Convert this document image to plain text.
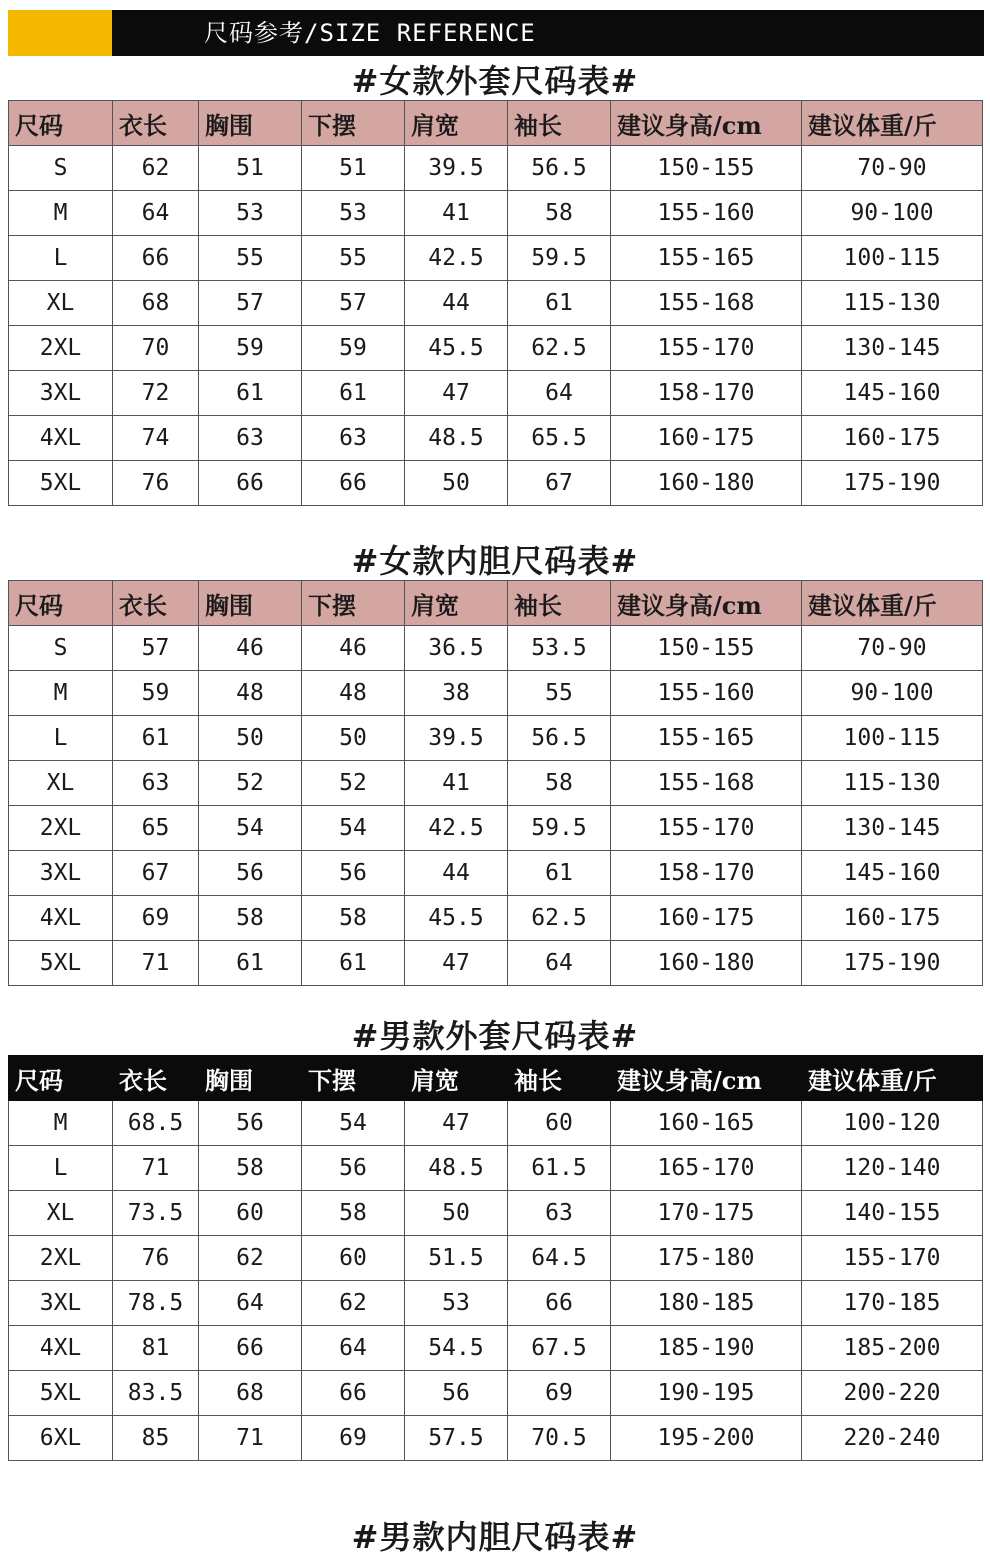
尺码参考/SIZE REFERENCE
#女款外套尺码表#
尺码	衣长	胸围	下摆	肩宽	袖长	建议身高/cm	建议体重/斤
S	62	51	51	39.5	56.5	150-155	70-90
M	64	53	53	41	58	155-160	90-100
L	66	55	55	42.5	59.5	155-165	100-115
XL	68	57	57	44	61	155-168	115-130
2XL	70	59	59	45.5	62.5	155-170	130-145
3XL	72	61	61	47	64	158-170	145-160
4XL	74	63	63	48.5	65.5	160-175	160-175
5XL	76	66	66	50	67	160-180	175-190
#女款内胆尺码表#
尺码	衣长	胸围	下摆	肩宽	袖长	建议身高/cm	建议体重/斤
S	57	46	46	36.5	53.5	150-155	70-90
M	59	48	48	38	55	155-160	90-100
L	61	50	50	39.5	56.5	155-165	100-115
XL	63	52	52	41	58	155-168	115-130
2XL	65	54	54	42.5	59.5	155-170	130-145
3XL	67	56	56	44	61	158-170	145-160
4XL	69	58	58	45.5	62.5	160-175	160-175
5XL	71	61	61	47	64	160-180	175-190
#男款外套尺码表#
尺码	衣长	胸围	下摆	肩宽	袖长	建议身高/cm	建议体重/斤
M	68.5	56	54	47	60	160-165	100-120
L	71	58	56	48.5	61.5	165-170	120-140
XL	73.5	60	58	50	63	170-175	140-155
2XL	76	62	60	51.5	64.5	175-180	155-170
3XL	78.5	64	62	53	66	180-185	170-185
4XL	81	66	64	54.5	67.5	185-190	185-200
5XL	83.5	68	66	56	69	190-195	200-220
6XL	85	71	69	57.5	70.5	195-200	220-240
#男款内胆尺码表#
